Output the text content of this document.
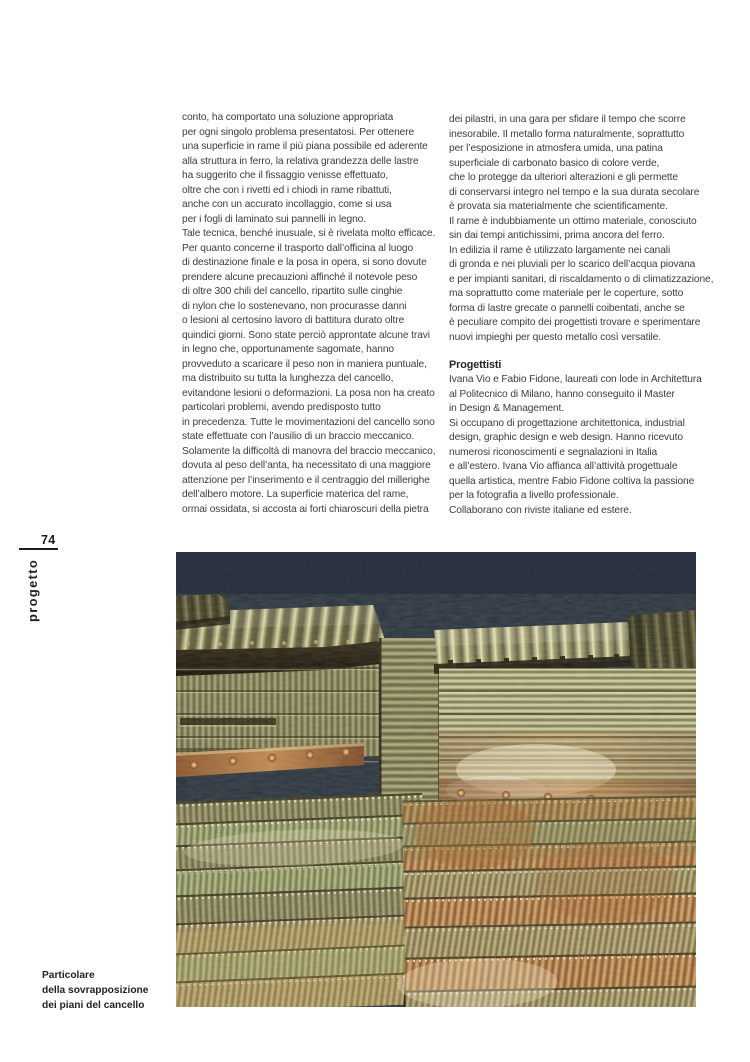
conto, ha comportato una soluzione appropriata
per ogni singolo problema presentatosi. Per ottenere
una superficie in rame il più piana possibile ed aderente
alla struttura in ferro, la relativa grandezza delle lastre
ha suggerito che il fissaggio venisse effettuato,
oltre che con i rivetti ed i chiodi in rame ribattuti,
anche con un accurato incollaggio, come si usa
per i fogli di laminato sui pannelli in legno.
Tale tecnica, benché inusuale, si è rivelata molto efficace.
Per quanto concerne il trasporto dall’officina al luogo
di destinazione finale e la posa in opera, si sono dovute
prendere alcune precauzioni affinché il notevole peso
di oltre 300 chili del cancello, ripartito sulle cinghie
di nylon che lo sostenevano, non procurasse danni
o lesioni al certosino lavoro di battitura durato oltre
quindici giorni. Sono state perciò approntate alcune travi
in legno che, opportunamente sagomate, hanno
provveduto a scaricare il peso non in maniera puntuale,
ma distribuito su tutta la lunghezza del cancello,
evitandone lesioni o deformazioni. La posa non ha creato
particolari problemi, avendo predisposto tutto
in precedenza. Tutte le movimentazioni del cancello sono
state effettuate con l’ausilio di un braccio meccanico.
Solamente la difficoltà di manovra del braccio meccanico,
dovuta al peso dell’anta, ha necessitato di una maggiore
attenzione per l’inserimento e il centraggio del millerighe
dell’albero motore. La superficie materica del rame,
ormai ossidata, si accosta ai forti chiaroscuri della pietra
dei pilastri, in una gara per sfidare il tempo che scorre
inesorabile. Il metallo forma naturalmente, soprattutto
per l’esposizione in atmosfera umida, una patina
superficiale di carbonato basico di colore verde,
che lo protegge da ulteriori alterazioni e gli permette
di conservarsi integro nel tempo e la sua durata secolare
è provata sia materialmente che scientificamente.
Il rame è indubbiamente un ottimo materiale, conosciuto
sin dai tempi antichissimi, prima ancora del ferro.
In edilizia il rame è utilizzato largamente nei canali
di gronda e nei pluviali per lo scarico dell’acqua piovana
e per impianti sanitari, di riscaldamento o di climatizzazione,
ma soprattutto come materiale per le coperture, sotto
forma di lastre grecate o pannelli coibentati, anche se
è peculiare compito dei progettisti trovare e sperimentare
nuovi impieghi per questo metallo così versatile.
Progettisti
Ivana Vio e Fabio Fidone, laureati con lode in Architettura
al Politecnico di Milano, hanno conseguito il Master
in Design & Management.
Si occupano di progettazione architettonica, industrial
design, graphic design e web design. Hanno ricevuto
numerosi riconoscimenti e segnalazioni in Italia
e all’estero. Ivana Vio affianca all’attività progettuale
quella artistica, mentre Fabio Fidone coltiva la passione
per la fotografia a livello professionale.
Collaborano con riviste italiane ed estere.
74
progetto
Particolare
della sovrapposizione
dei piani del cancello
